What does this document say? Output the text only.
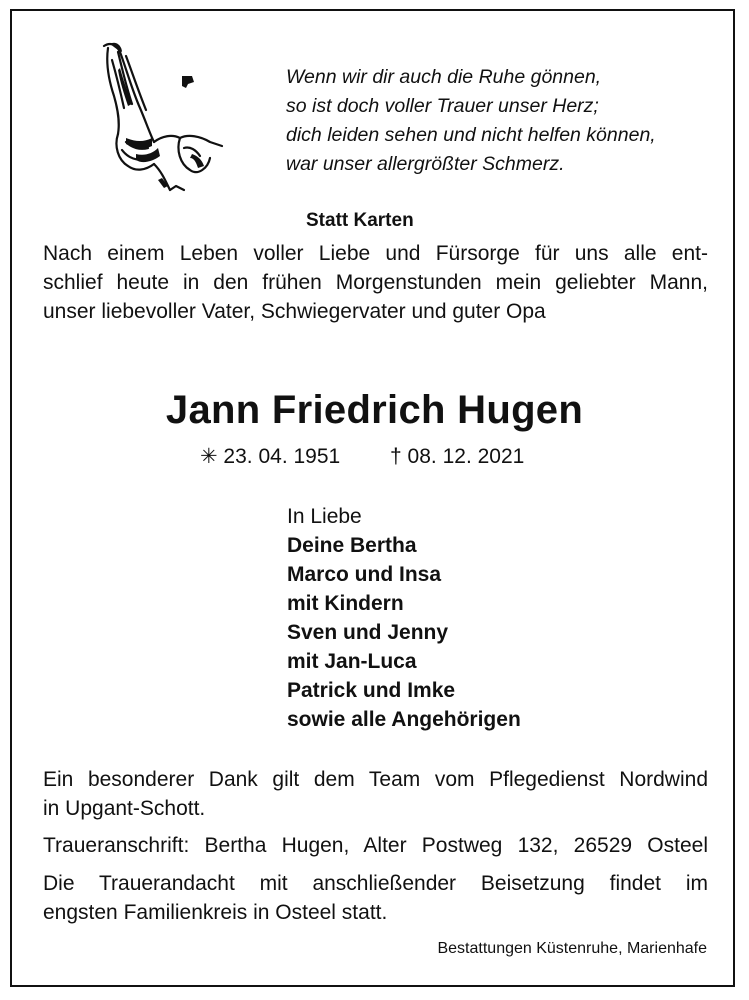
Wenn wir dir auch die Ruhe gönnen,
so ist doch voller Trauer unser Herz;
dich leiden sehen und nicht helfen können,
war unser allergrößter Schmerz.
Statt Karten
Nach einem Leben voller Liebe und Fürsorge für uns alle ent-
schlief heute in den frühen Morgenstunden mein geliebter Mann,
unser liebevoller Vater, Schwiegervater und guter Opa
Jann Friedrich Hugen
✳ 23. 04. 1951 † 08. 12. 2021
In Liebe
Deine Bertha
Marco und Insa
mit Kindern
Sven und Jenny
mit Jan-Luca
Patrick und Imke
sowie alle Angehörigen
Ein besonderer Dank gilt dem Team vom Pflegedienst Nordwind
in Upgant-Schott.
Traueranschrift: Bertha Hugen, Alter Postweg 132, 26529 Osteel
Die Trauerandacht mit anschließender Beisetzung findet im
engsten Familienkreis in Osteel statt.
Bestattungen Küstenruhe, Marienhafe
